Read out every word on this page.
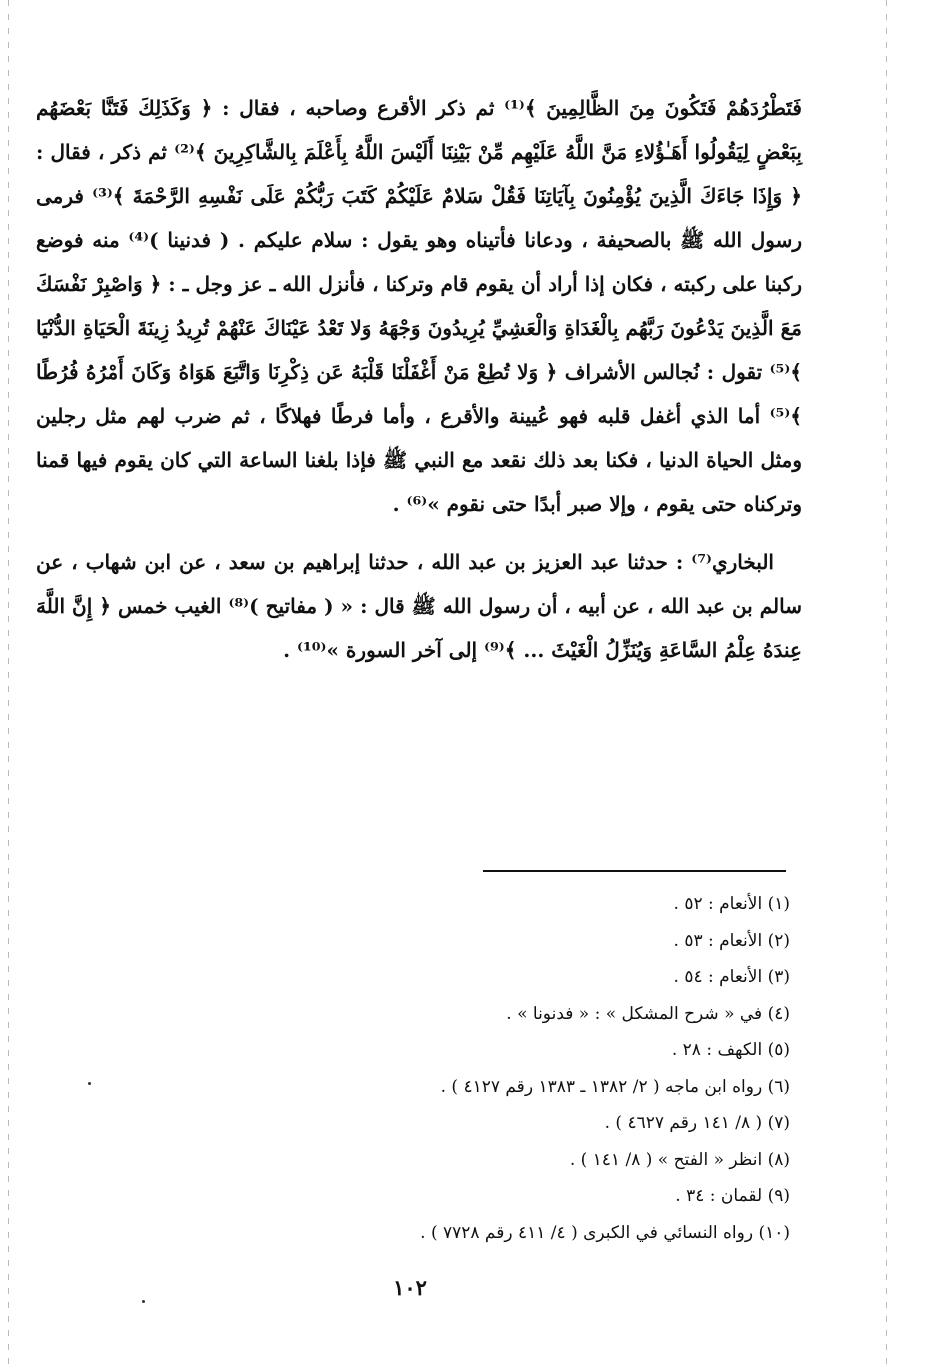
فَتَطْرُدَهُمْ فَتَكُونَ مِنَ الظَّالِمِينَ ﴾⁽¹⁾ ثم ذكر الأقرع وصاحبه ، فقال : ﴿ وَكَذَلِكَ فَتَنَّا بَعْضَهُم بِبَعْضٍ لِيَقُولُوا أَهَـٰؤُلاءِ مَنَّ اللَّهُ عَلَيْهِم مِّنْ بَيْنِنَا أَلَيْسَ اللَّهُ بِأَعْلَمَ بِالشَّاكِرِينَ ﴾⁽²⁾ ثم ذكر ، فقال : ﴿ وَإِذَا جَاءَكَ الَّذِينَ يُؤْمِنُونَ بِآيَاتِنَا فَقُلْ سَلامٌ عَلَيْكُمْ كَتَبَ رَبُّكُمْ عَلَى نَفْسِهِ الرَّحْمَةَ ﴾⁽³⁾ فرمى رسول الله ﷺ بالصحيفة ، ودعانا فأتيناه وهو يقول : سلام عليكم . ( فدنينا )⁽⁴⁾ منه فوضع ركبنا على ركبته ، فكان إذا أراد أن يقوم قام وتركنا ، فأنزل الله ـ عز وجل ـ : ﴿ وَاصْبِرْ نَفْسَكَ مَعَ الَّذِينَ يَدْعُونَ رَبَّهُم بِالْغَدَاةِ وَالْعَشِيِّ يُرِيدُونَ وَجْهَهُ وَلا تَعْدُ عَيْنَاكَ عَنْهُمْ تُرِيدُ زِينَةَ الْحَيَاةِ الدُّنْيَا ﴾⁽⁵⁾ تقول : نُجالس الأشراف ﴿ وَلا تُطِعْ مَنْ أَغْفَلْنَا قَلْبَهُ عَن ذِكْرِنَا وَاتَّبَعَ هَوَاهُ وَكَانَ أَمْرُهُ فُرُطًا ﴾⁽⁵⁾ أما الذي أغفل قلبه فهو عُيينة والأقرع ، وأما فرطًا فهلاكًا ، ثم ضرب لهم مثل رجلين ومثل الحياة الدنيا ، فكنا بعد ذلك نقعد مع النبي ﷺ فإذا بلغنا الساعة التي كان يقوم فيها قمنا وتركناه حتى يقوم ، وإلا صبر أبدًا حتى نقوم »⁽⁶⁾ .

البخاري⁽⁷⁾ : حدثنا عبد العزيز بن عبد الله ، حدثنا إبراهيم بن سعد ، عن ابن شهاب ، عن سالم بن عبد الله ، عن أبيه ، أن رسول الله ﷺ قال : « ( مفاتيح )⁽⁸⁾ الغيب خمس ﴿ إِنَّ اللَّهَ عِندَهُ عِلْمُ السَّاعَةِ وَيُنَزِّلُ الْغَيْثَ ... ﴾⁽⁹⁾ إلى آخر السورة »⁽¹⁰⁾ .

(١) الأنعام : ٥٢ .

(٢) الأنعام : ٥٣ .

(٣) الأنعام : ٥٤ .

(٤) في « شرح المشكل » : « فدنونا » .

(٥) الكهف : ٢٨ .

(٦) رواه ابن ماجه ( ٢/ ١٣٨٢ ـ ١٣٨٣ رقم ٤١٢٧ ) .

(٧) ( ٨/ ١٤١ رقم ٤٦٢٧ ) .

(٨) انظر « الفتح » ( ٨/ ١٤١ ) .

(٩) لقمان : ٣٤ .

(١٠) رواه النسائي في الكبرى ( ٤/ ٤١١ رقم ٧٧٢٨ ) .

١٠٢
